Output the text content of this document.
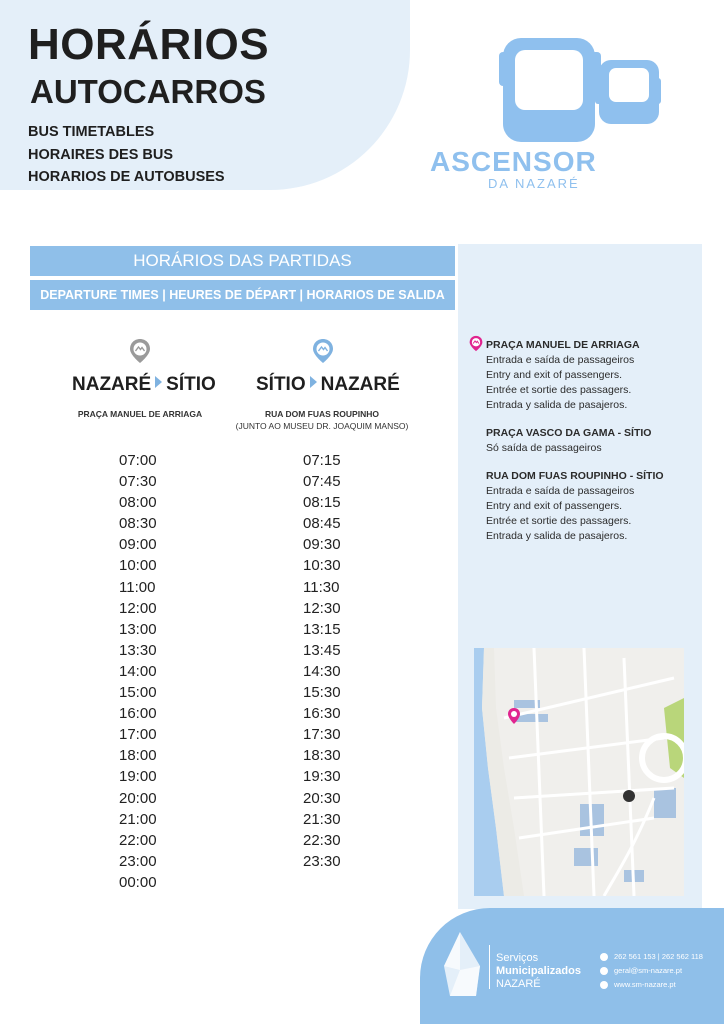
HORÁRIOS
AUTOCARROS
BUS TIMETABLES
HORAIRES DES BUS
HORARIOS DE AUTOBUSES	ASCENSOR
DA NAZARÉ
HORÁRIOS DAS PARTIDAS
DEPARTURE TIMES | HEURES DE DÉPART | HORARIOS DE SALIDA
NAZARÉ SÍTIO
PRAÇA MANUEL DE ARRIAGA
07:00
07:30
08:00
08:30
09:00
10:00
11:00
12:00
13:00
13:30
14:00
15:00
16:00
17:00
18:00
19:00
20:00
21:00
22:00
23:00
00:00
SÍTIO NAZARÉ
RUA DOM FUAS ROUPINHO
(JUNTO AO MUSEU DR. JOAQUIM MANSO)
07:15
07:45
08:15
08:45
09:30
10:30
11:30
12:30
13:15
13:45
14:30
15:30
16:30
17:30
18:30
19:30
20:30
21:30
22:30
23:30
PRAÇA MANUEL DE ARRIAGA
Entrada e saída de passageiros
Entry and exit of passengers.
Entrée et sortie des passagers.
Entrada y salida de pasajeros.
PRAÇA VASCO DA GAMA - SÍTIO
Só saída de passageiros
RUA DOM FUAS ROUPINHO - SÍTIO
Entrada e saída de passageiros
Entry and exit of passengers.
Entrée et sortie des passagers.
Entrada y salida de pasajeros.
Serviços
Municipalizados
NAZARÉ
262 561 153 | 262 562 118
geral@sm-nazare.pt
www.sm-nazare.pt
